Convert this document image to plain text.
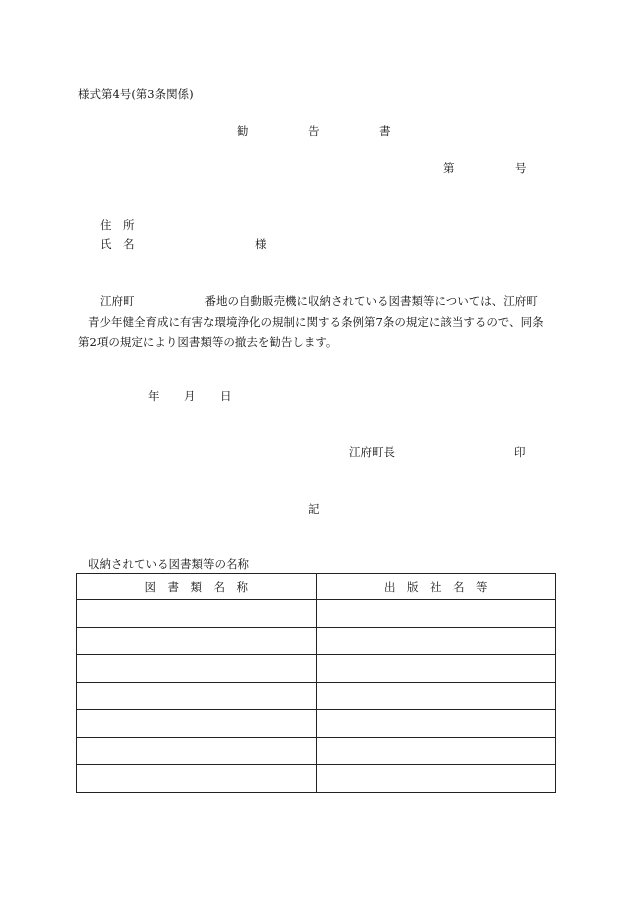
様式第4号(第3条関係)
勧	告	書
第	号
住　所
氏　名	様
江府町	番地の自動販売機に収納されている図書類等については、江府町
青少年健全育成に有害な環境浄化の規制に関する条例第7条の規定に該当するので、同条
第2項の規定により図書類等の撤去を勧告します。
年 月 日
江府町長	印
記
収納されている図書類等の名称
図　書　類　名　称	出　版　社　名　等
